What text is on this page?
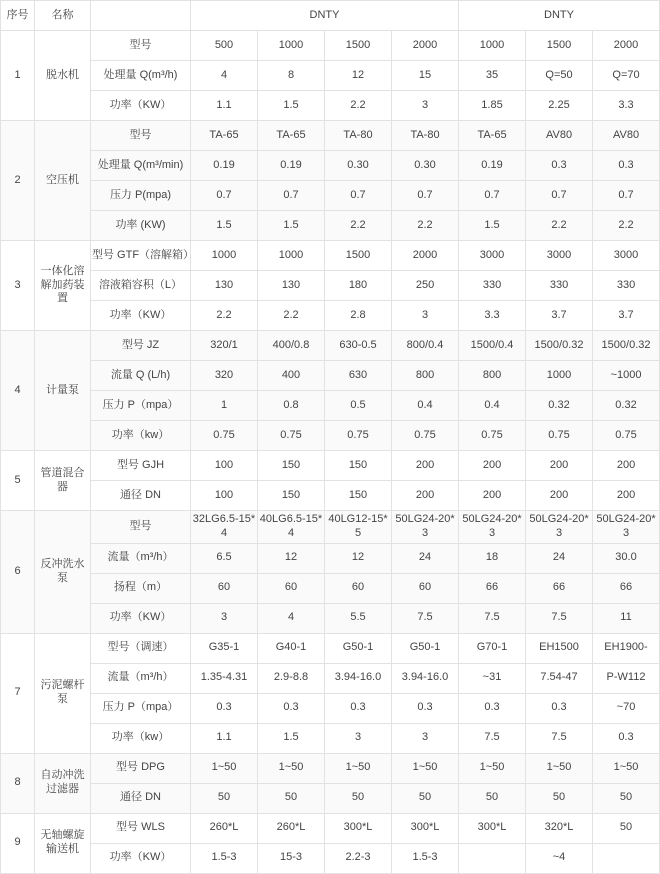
序号	名称		DNTY				DNTY		
1	脱水机	型号	500	1000	1500	2000	1000	1500	2000
		处理量 Q(m³/h)	4	8	12	15	35	Q=50	Q=70
		功率（KW）	1.1	1.5	2.2	3	1.85	2.25	3.3
2	空压机	型号	TA-65	TA-65	TA-80	TA-80	TA-65	AV80	AV80
		处理量 Q(m³/min)	0.19	0.19	0.30	0.30	0.19	0.3	0.3
		压力 P(mpa)	0.7	0.7	0.7	0.7	0.7	0.7	0.7
		功率 (KW)	1.5	1.5	2.2	2.2	1.5	2.2	2.2
3	一体化溶解加药装置	型号 GTF（溶解箱）	1000	1000	1500	2000	3000	3000	3000
		溶液箱容积（L）	130	130	180	250	330	330	330
		功率（KW）	2.2	2.2	2.8	3	3.3	3.7	3.7
4	计量泵	型号 JZ	320/1	400/0.8	630-0.5	800/0.4	1500/0.4	1500/0.32	1500/0.32
		流量 Q (L/h)	320	400	630	800	800	1000	~1000
		压力 P（mpa）	1	0.8	0.5	0.4	0.4	0.32	0.32
		功率（kw）	0.75	0.75	0.75	0.75	0.75	0.75	0.75
5	管道混合器	型号 GJH	100	150	150	200	200	200	200
		通径 DN	100	150	150	200	200	200	200
6	反冲洗水泵	型号	32LG6.5-15*4	40LG6.5-15*4	40LG12-15*5	50LG24-20*3	50LG24-20*3	50LG24-20*3	50LG24-20*3
		流量（m³/h）	6.5	12	12	24	18	24	30.0
		扬程（m）	60	60	60	60	66	66	66
		功率（KW）	3	4	5.5	7.5	7.5	7.5	11
7	污泥螺杆泵	型号（调速）	G35-1	G40-1	G50-1	G50-1	G70-1	EH1500	EH1900-
		流量（m³/h）	1.35-4.31	2.9-8.8	3.94-16.0	3.94-16.0	~31	7.54-47	P-W112
		压力 P（mpa）	0.3	0.3	0.3	0.3	0.3	0.3	~70
		功率（kw）	1.1	1.5	3	3	7.5	7.5	0.3
8	自动冲洗过滤器	型号 DPG	1~50	1~50	1~50	1~50	1~50	1~50	1~50
		通径 DN	50	50	50	50	50	50	50
9	无轴螺旋输送机	型号 WLS	260*L	260*L	300*L	300*L	300*L	320*L	50
		功率（KW）	1.5-3	15-3	2.2-3	1.5-3		~4	
